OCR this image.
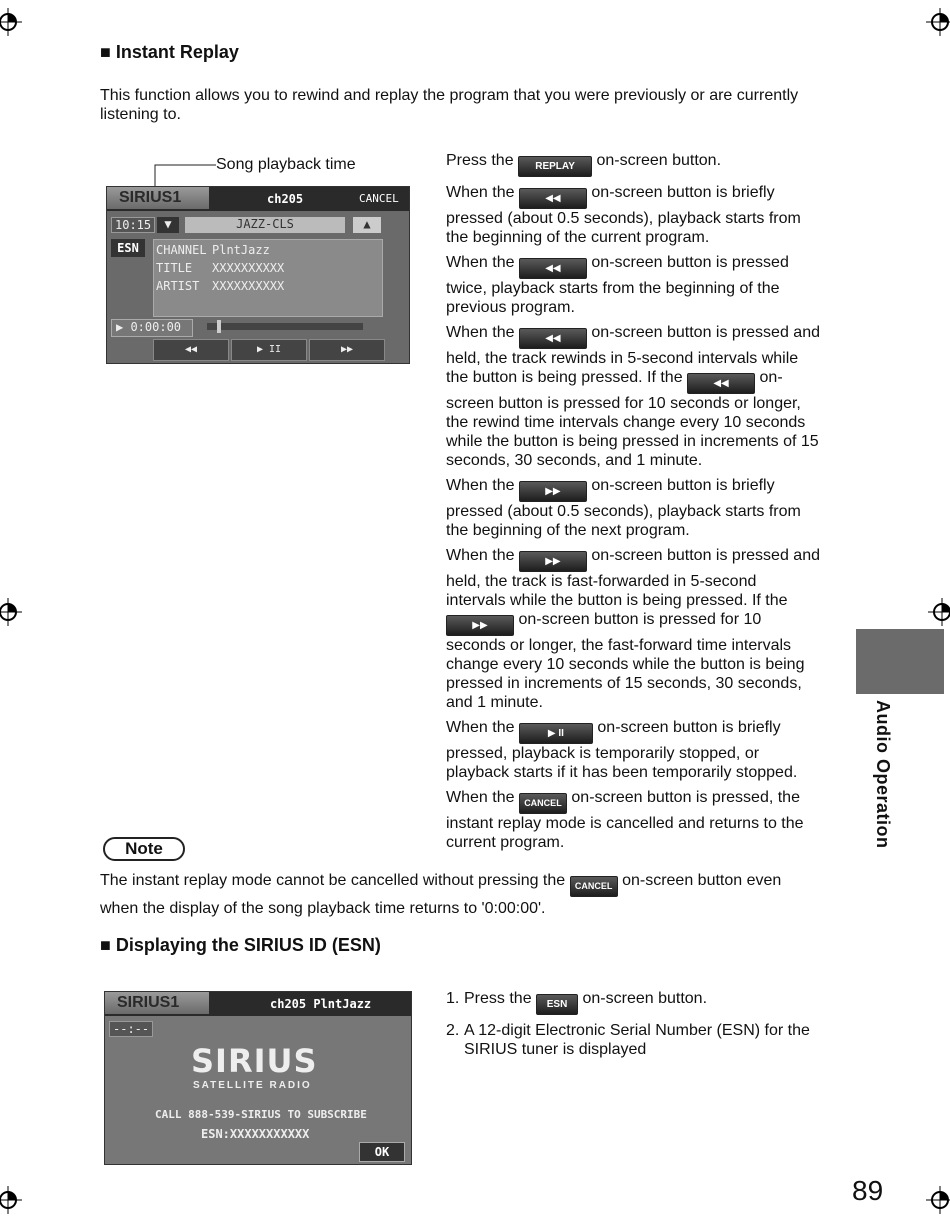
■ Instant Replay
This function allows you to rewind and replay the program that you were previously or are currently listening to.
Song playback time
SIRIUS1	ch205	CANCEL
10:15	▼	JAZZ-CLS	▲
ESN	CHANNEL PlntJazz
TITLE XXXXXXXXXX
ARTIST XXXXXXXXXX
▶ 0:00:00
◀◀	▶ II	▶▶

Press the REPLAY on-screen button.

When the	◀◀ on-screen button is briefly pressed (about 0.5 seconds), playback starts from the beginning of the current program.

When the	◀◀ on-screen button is pressed twice, playback starts from the beginning of the previous program.

When the	◀◀ on-screen button is pressed and held, the track rewinds in 5-second intervals while the button is being pressed. If the	◀◀ on-screen button is pressed for 10 seconds or longer, the rewind time intervals change every 10 seconds while the button is being pressed in increments of 15 seconds, 30 seconds, and 1 minute.

When the	▶▶ on-screen button is briefly pressed (about 0.5 seconds), playback starts from the beginning of the next program.

When the	▶▶ on-screen button is pressed and held, the track is fast-forwarded in 5-second intervals while the button is being pressed. If the ▶▶ on-screen button is pressed for 10 seconds or longer, the fast-forward time intervals change every 10 seconds while the button is being pressed in increments of 15 seconds, 30 seconds, and 1 minute.

When the	▶ II on-screen button is briefly pressed, playback is temporarily stopped, or playback starts if it has been temporarily stopped.

When the CANCEL on-screen button is pressed, the instant replay mode is cancelled and returns to the current program.

Note
The instant replay mode cannot be cancelled without pressing the CANCEL on-screen button even when the display of the song playback time returns to '0:00:00'.
■ Displaying the SIRIUS ID (ESN)
SIRIUS1	ch205 PlntJazz
--:--
SIRIUS
SATELLITE RADIO
CALL 888-539-SIRIUS TO SUBSCRIBE
ESN:XXXXXXXXXXX
OK
1. Press the ESN on-screen button.
2. A 12-digit Electronic Serial Number (ESN) for the SIRIUS tuner is displayed
Audio Operation
89
